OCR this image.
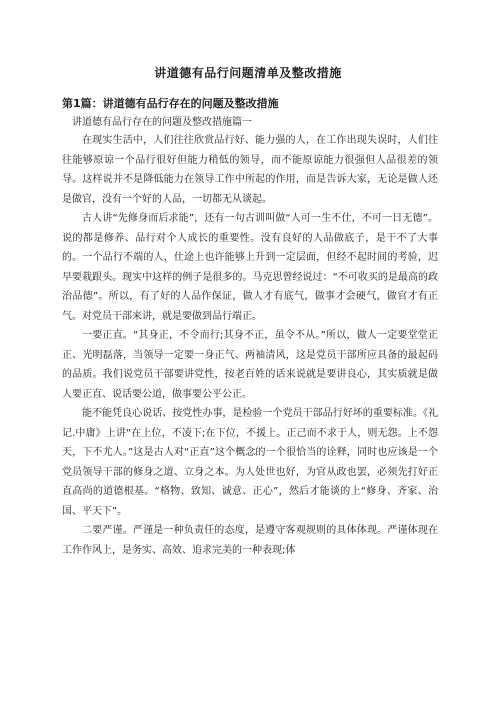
讲道德有品行问题清单及整改措施
第1篇：讲道德有品行存在的问题及整改措施
讲道德有品行存在的问题及整改措施篇一

在现实生活中，人们往往欣赏品行好、能力强的人，在工作出现失误时，人们往往能够原谅一个品行很好但能力稍低的领导，而不能原谅能力很强但人品很差的领导。这样说并不是降低能力在领导工作中所起的作用，而是告诉大家，无论是做人还是做官，没有一个好的人品，一切都无从谈起。

古人讲“先修身而后求能”，还有一句古训叫做“人可一生不仕，不可一日无德”。说的都是修养、品行对个人成长的重要性。没有良好的人品做底子，是干不了大事的。一个品行不端的人，仕途上也许能够上升到一定层面，但经不起时间的考验，迟早要栽跟头。现实中这样的例子是很多的。马克思曾经说过：“不可收买的是最高的政治品德”。所以，有了好的人品作保证，做人才有底气，做事才会硬气，做官才有正气。对党员干部来讲，就是要做到品行端正。

一要正直。“其身正，不令而行;其身不正，虽令不从。”所以，做人一定要堂堂正正、光明磊落，当领导一定要一身正气、两袖清风，这是党员干部所应具备的最起码的品质。我们说党员干部要讲党性，按老百姓的话来说就是要讲良心，其实质就是做人要正直、说话要公道，做事要公平公正。

能不能凭良心说话、按党性办事，是检验一个党员干部品行好坏的重要标准。《礼记.中庸》上讲“在上位，不凌下;在下位，不援上。正己而不求于人，则无怨。上不怨天，下不尤人。”这是古人对“正直”这个概念的一个很恰当的诠释，同时也应该是一个党员领导干部的修身之道、立身之本。为人处世也好，为官从政也罢，必须先打好正直高尚的道德根基。“格物、致知、诚意、正心”，然后才能谈的上“修身、齐家、治国、平天下”。

二要严谨。严谨是一种负责任的态度，是遵守客观规则的具体体现。严谨体现在工作作风上，是务实、高效、追求完美的一种表现;体
